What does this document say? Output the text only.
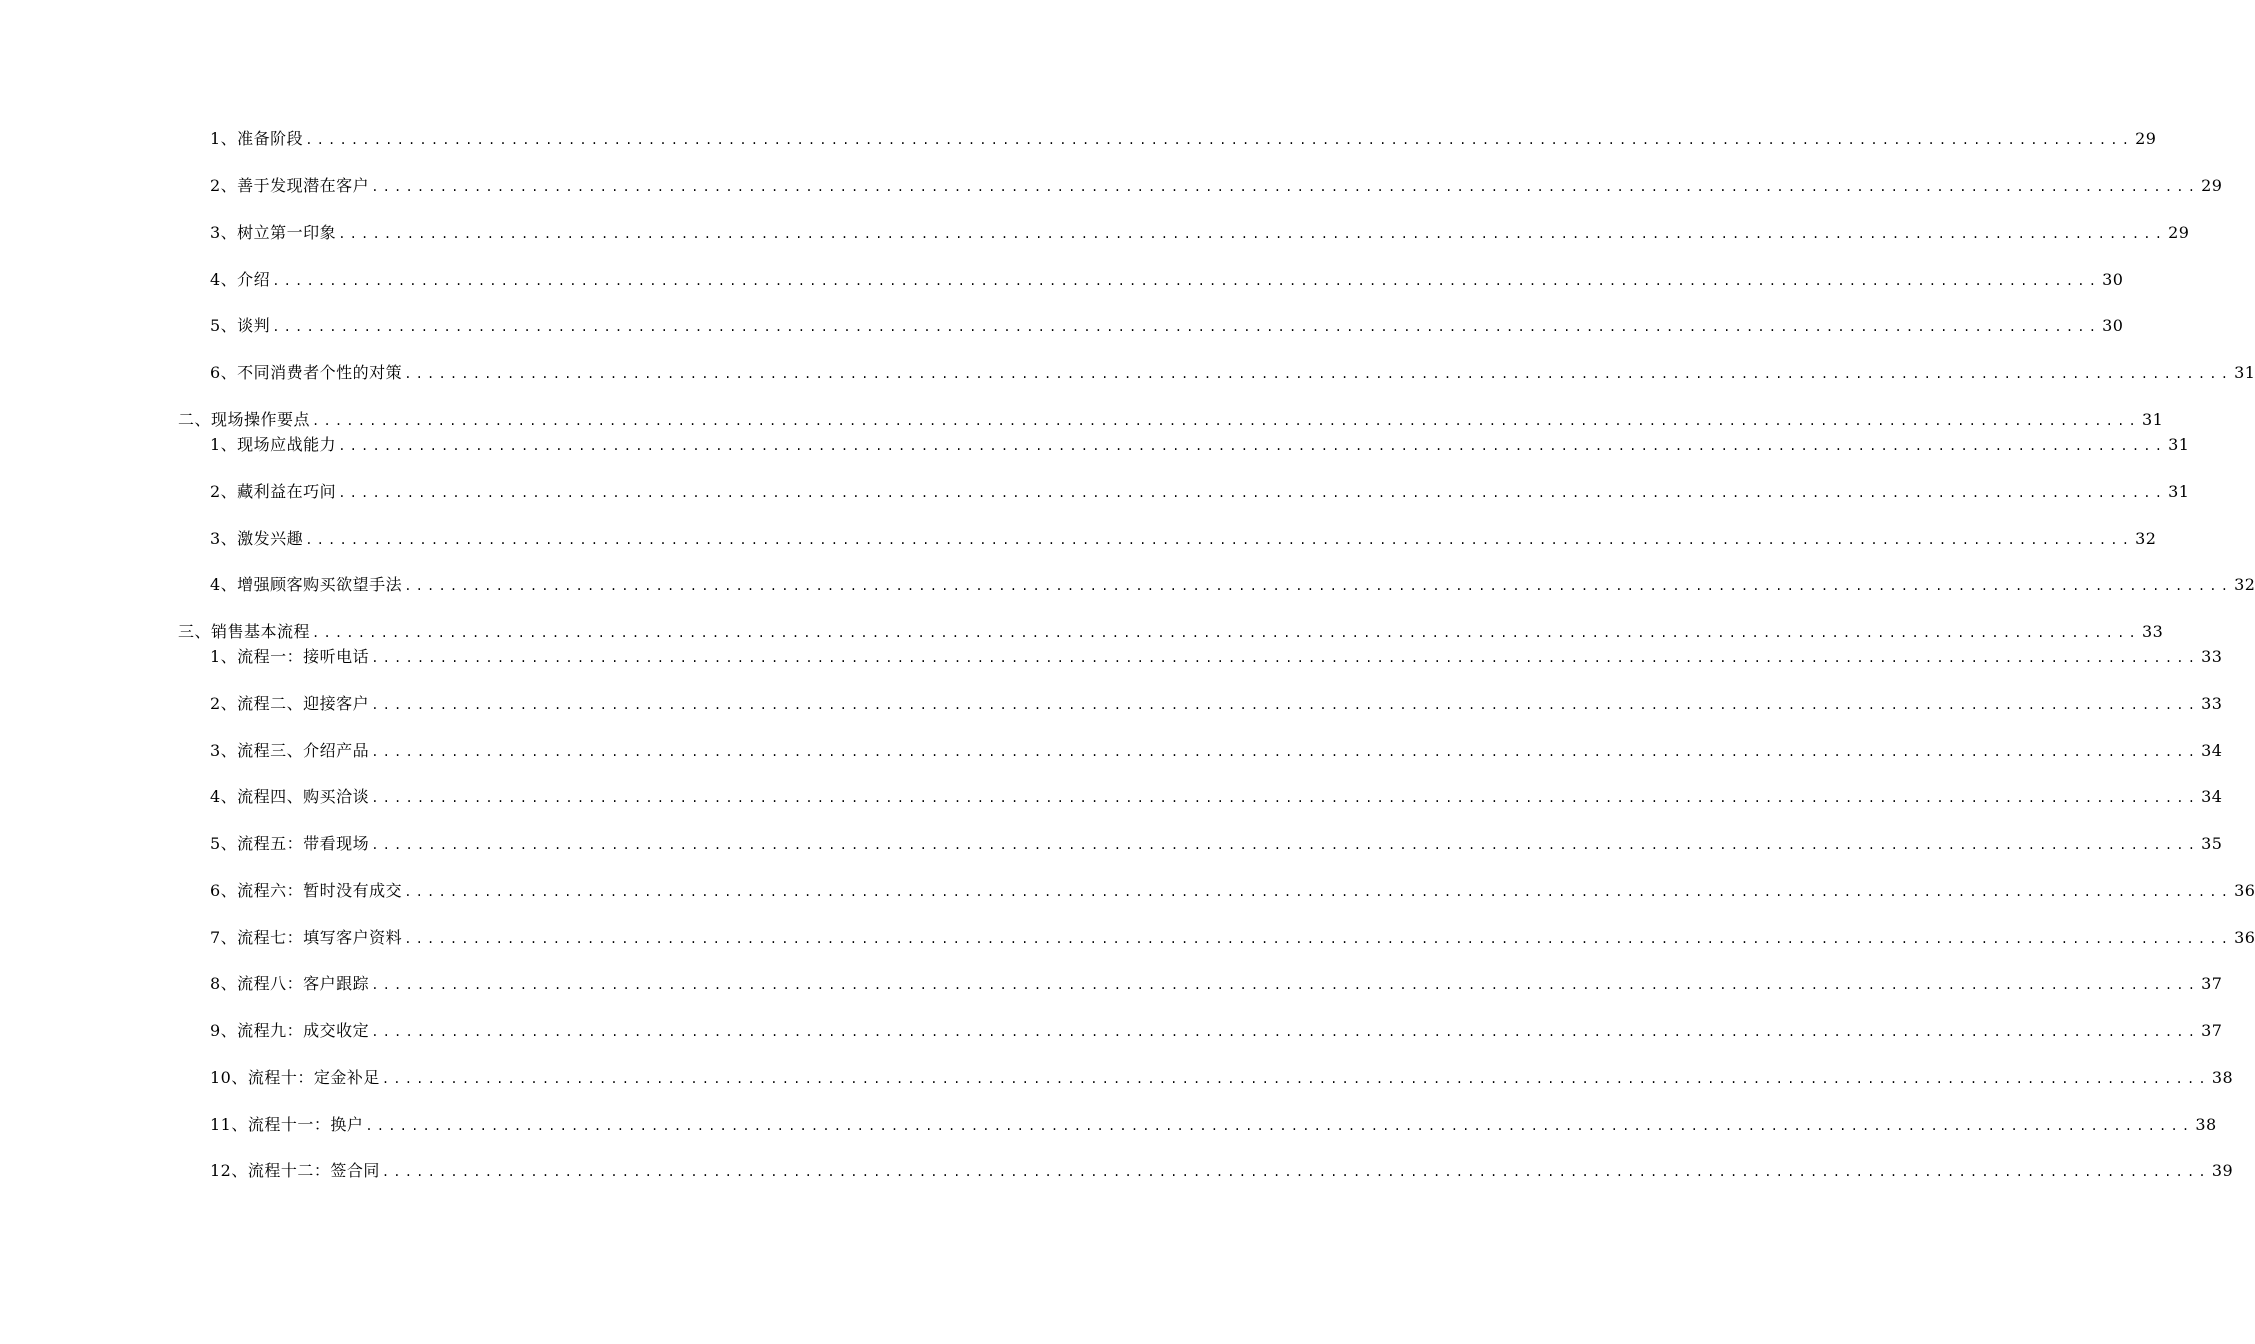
1、准备阶段 ................................................................................................................................................................ 29
2、善于发现潜在客户 ................................................................................................................................................................ 29
3、树立第一印象 ................................................................................................................................................................ 29
4、介绍 ................................................................................................................................................................ 30
5、谈判 ................................................................................................................................................................ 30
6、不同消费者个性的对策 ................................................................................................................................................................ 31
二、现场操作要点 ................................................................................................................................................................ 31
1、现场应战能力 ................................................................................................................................................................ 31
2、藏利益在巧问 ................................................................................................................................................................ 31
3、激发兴趣 ................................................................................................................................................................ 32
4、增强顾客购买欲望手法 ................................................................................................................................................................ 32
三、销售基本流程 ................................................................................................................................................................ 33
1、流程一：接听电话 ................................................................................................................................................................ 33
2、流程二、迎接客户 ................................................................................................................................................................ 33
3、流程三、介绍产品 ................................................................................................................................................................ 34
4、流程四、购买洽谈 ................................................................................................................................................................ 34
5、流程五：带看现场 ................................................................................................................................................................ 35
6、流程六：暂时没有成交 ................................................................................................................................................................ 36
7、流程七：填写客户资料 ................................................................................................................................................................ 36
8、流程八：客户跟踪 ................................................................................................................................................................ 37
9、流程九：成交收定 ................................................................................................................................................................ 37
10、流程十：定金补足 ................................................................................................................................................................ 38
11、流程十一：换户 ................................................................................................................................................................ 38
12、流程十二：签合同 ................................................................................................................................................................ 39
